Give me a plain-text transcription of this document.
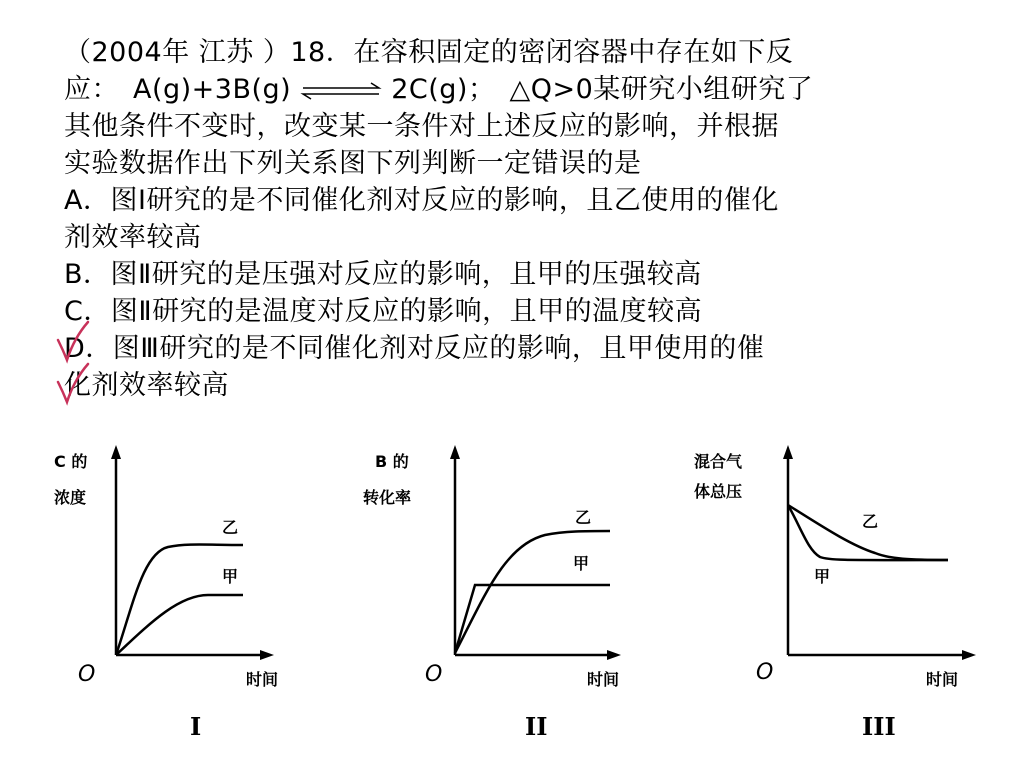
（2004年 江苏 ）18．在容积固定的密闭容器中存在如下反
应：　A(g)+3B(g) ⇌ 2C(g)；　△Q>0某研究小组研究了
其他条件不变时，改变某一条件对上述反应的影响，并根据
实验数据作出下列关系图下列判断一定错误的是
A．图I研究的是不同催化剂对反应的影响，且乙使用的催化
剂效率较高
B．图Ⅱ研究的是压强对反应的影响，且甲的压强较高
C．图Ⅱ研究的是温度对反应的影响，且甲的温度较高
D．图Ⅲ研究的是不同催化剂对反应的影响，且甲使用的催
化剂效率较高
C 的
浓度
乙
甲
O	时间
I
B 的
转化率
乙
甲
O	时间
II
混合气
体总压
乙
甲
O	时间
III
